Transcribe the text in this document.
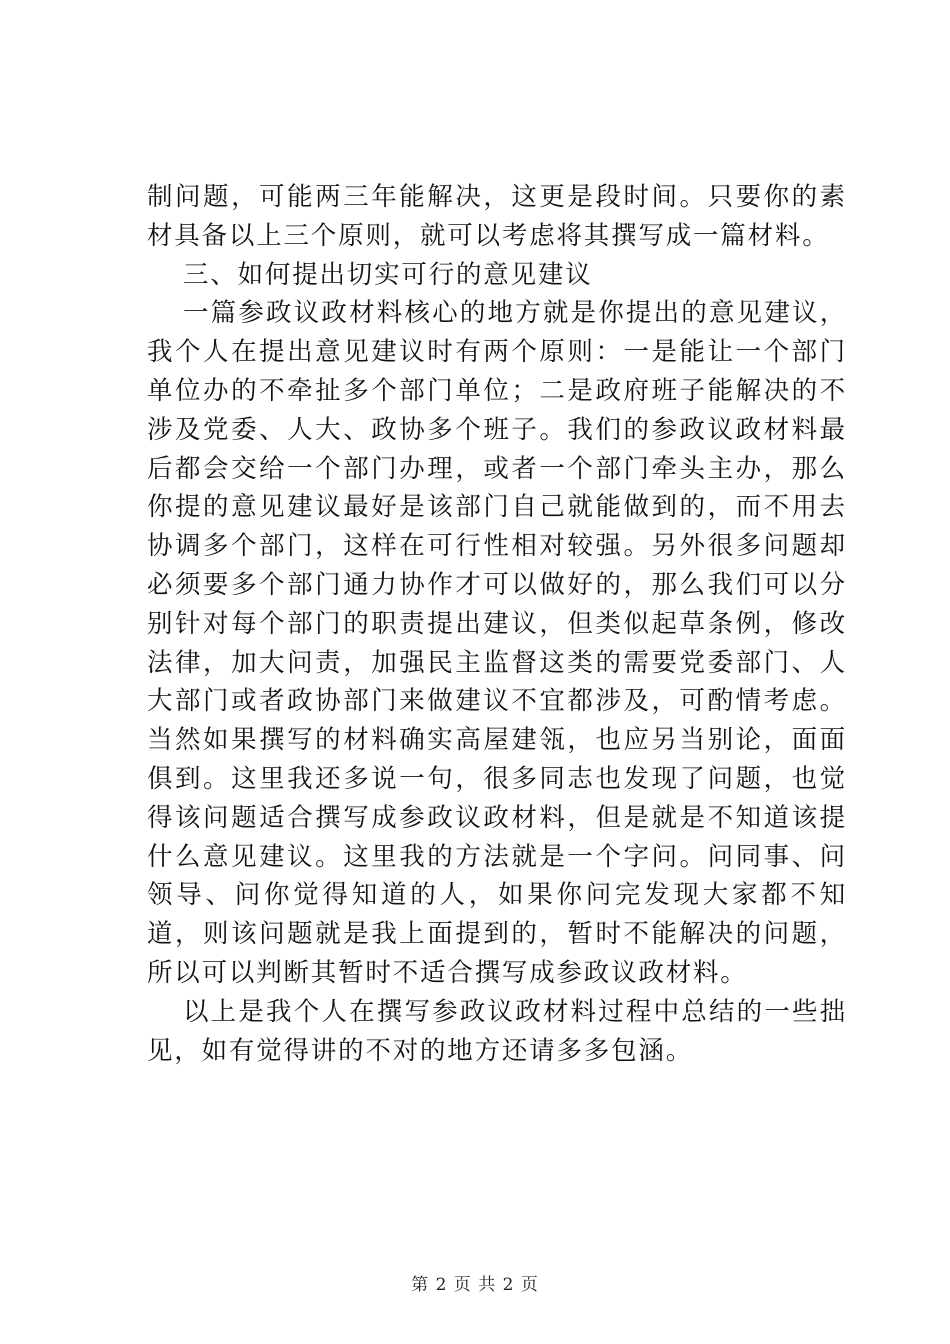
制问题，可能两三年能解决，这更是段时间。只要你的素材具备以上三个原则，就可以考虑将其撰写成一篇材料。

三、如何提出切实可行的意见建议

一篇参政议政材料核心的地方就是你提出的意见建议，我个人在提出意见建议时有两个原则：一是能让一个部门单位办的不牵扯多个部门单位；二是政府班子能解决的不涉及党委、人大、政协多个班子。我们的参政议政材料最后都会交给一个部门办理，或者一个部门牵头主办，那么你提的意见建议最好是该部门自己就能做到的，而不用去协调多个部门，这样在可行性相对较强。另外很多问题却必须要多个部门通力协作才可以做好的，那么我们可以分别针对每个部门的职责提出建议，但类似起草条例，修改法律，加大问责，加强民主监督这类的需要党委部门、人大部门或者政协部门来做建议不宜都涉及，可酌情考虑。当然如果撰写的材料确实高屋建瓴，也应另当别论，面面俱到。这里我还多说一句，很多同志也发现了问题，也觉得该问题适合撰写成参政议政材料，但是就是不知道该提什么意见建议。这里我的方法就是一个字问。问同事、问领导、问你觉得知道的人，如果你问完发现大家都不知道，则该问题就是我上面提到的，暂时不能解决的问题，所以可以判断其暂时不适合撰写成参政议政材料。

以上是我个人在撰写参政议政材料过程中总结的一些拙见，如有觉得讲的不对的地方还请多多包涵。

第 2 页 共 2 页
